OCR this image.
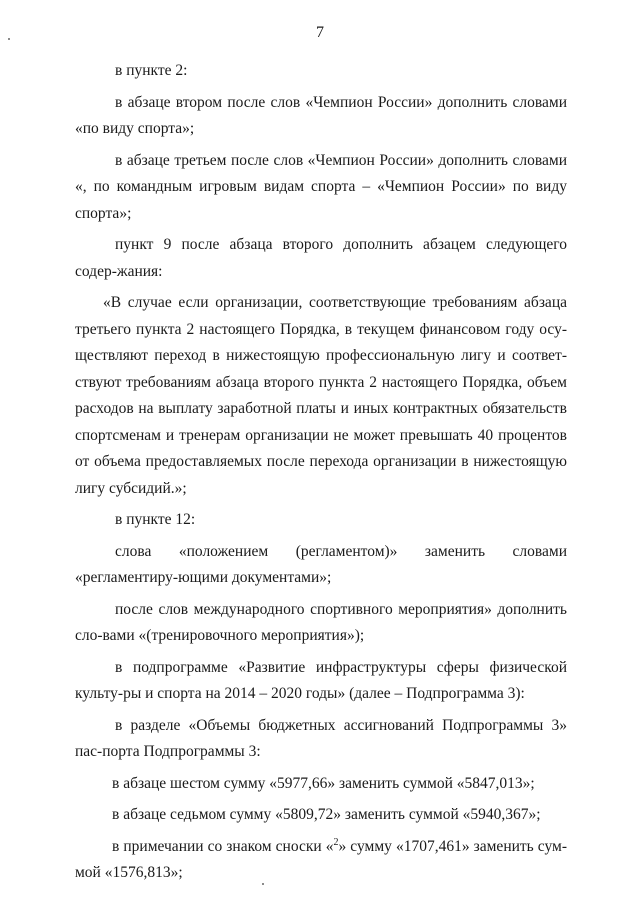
7

в пункте 2:

в абзаце втором после слов «Чемпион России» дополнить словами «по виду спорта»;

в абзаце третьем после слов «Чемпион России» дополнить словами «, по командным игровым видам спорта – «Чемпион России» по виду спорта»;

пункт 9 после абзаца второго дополнить абзацем следующего содер-жания:

«В случае если организации, соответствующие требованиям абзаца третьего пункта 2 настоящего Порядка, в текущем финансовом году осу-ществляют переход в нижестоящую профессиональную лигу и соответ-ствуют требованиям абзаца второго пункта 2 настоящего Порядка, объем расходов на выплату заработной платы и иных контрактных обязательств спортсменам и тренерам организации не может превышать 40 процентов от объема предоставляемых после перехода организации в нижестоящую лигу субсидий.»;

в пункте 12:

слова «положением (регламентом)» заменить словами «регламентиру-ющими документами»;

после слов международного спортивного мероприятия» дополнить сло-вами «(тренировочного мероприятия»);

в подпрограмме «Развитие инфраструктуры сферы физической культу-ры и спорта на 2014 – 2020 годы» (далее – Подпрограмма 3):

в разделе «Объемы бюджетных ассигнований Подпрограммы 3» пас-порта Подпрограммы 3:

в абзаце шестом сумму «5977,66» заменить суммой «5847,013»;

в абзаце седьмом сумму «5809,72» заменить суммой «5940,367»;

в примечании со знаком сноски «$^2$» сумму «1707,461» заменить сум-мой «1576,813»;
